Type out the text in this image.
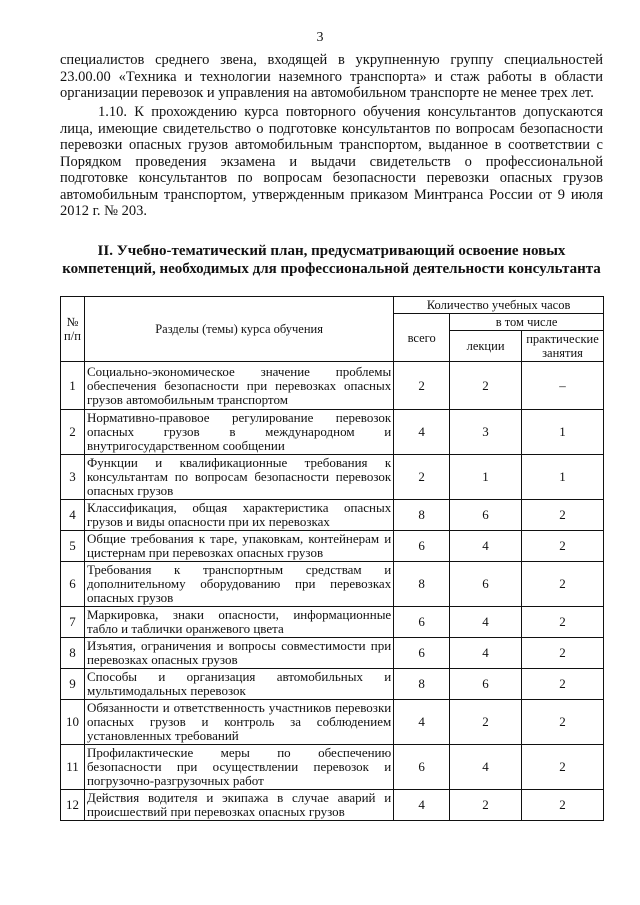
3

специалистов среднего звена, входящей в укрупненную группу специальностей 23.00.00 «Техника и технологии наземного транспорта» и стаж работы в области организации перевозок и управления на автомобильном транспорте не менее трех лет.

1.10. К прохождению курса повторного обучения консультантов допускаются лица, имеющие свидетельство о подготовке консультантов по вопросам безопасности перевозки опасных грузов автомобильным транспортом, выданное в соответствии с Порядком проведения экзамена и выдачи свидетельств о профессиональной подготовке консультантов по вопросам безопасности перевозки опасных грузов автомобильным транспортом, утвержденным приказом Минтранса России от 9 июля 2012 г. № 203.

II. Учебно-тематический план, предусматривающий освоение новых компетенций, необходимых для профессиональной деятельности консультанта
№ п/п	Разделы (темы) курса обучения	Количество учебных часов		
		всего	в том числе	
			лекции	практические занятия
1	Социально-экономическое значение проблемы обеспечения безопасности при перевозках опасных грузов автомобильным транспортом	2	2	–
2	Нормативно-правовое регулирование перевозок опасных грузов в международном и внутригосударственном сообщении	4	3	1
3	Функции и квалификационные требования к консультантам по вопросам безопасности перевозок опасных грузов	2	1	1
4	Классификация, общая характеристика опасных грузов и виды опасности при их перевозках	8	6	2
5	Общие требования к таре, упаковкам, контейнерам и цистернам при перевозках опасных грузов	6	4	2
6	Требования к транспортным средствам и дополнительному оборудованию при перевозках опасных грузов	8	6	2
7	Маркировка, знаки опасности, информационные табло и таблички оранжевого цвета	6	4	2
8	Изъятия, ограничения и вопросы совместимости при перевозках опасных грузов	6	4	2
9	Способы и организация автомобильных и мультимодальных перевозок	8	6	2
10	Обязанности и ответственность участников перевозки опасных грузов и контроль за соблюдением установленных требований	4	2	2
11	Профилактические меры по обеспечению безопасности при осуществлении перевозок и погрузочно-разгрузочных работ	6	4	2
12	Действия водителя и экипажа в случае аварий и происшествий при перевозках опасных грузов	4	2	2
